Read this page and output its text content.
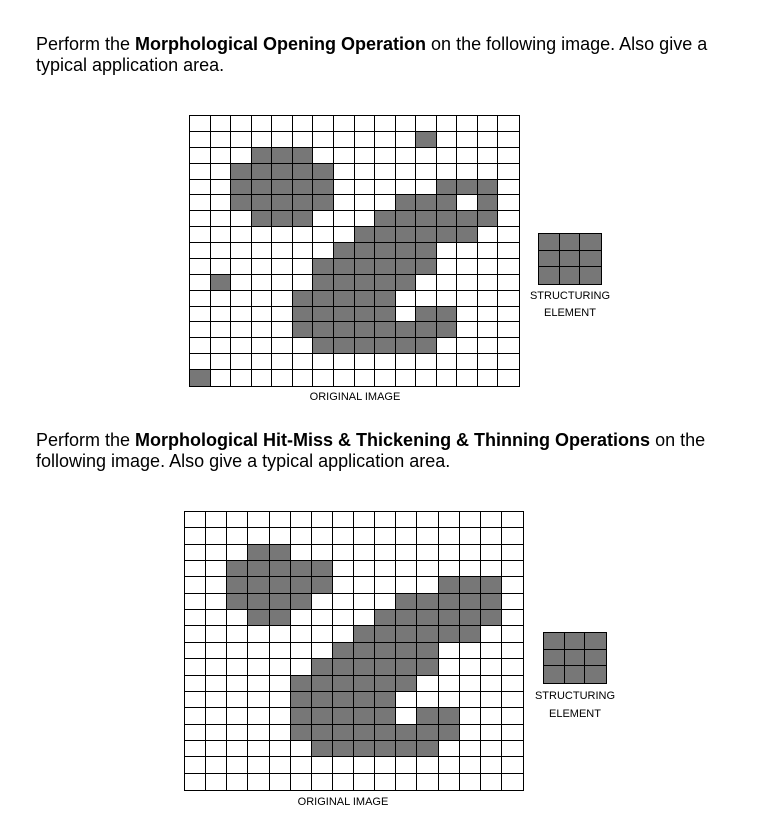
Perform the Morphological Opening Operation on the following image. Also give a typical application area.

ORIGINAL IMAGE
STRUCTURING
ELEMENT

Perform the Morphological Hit-Miss & Thickening & Thinning Operations on the following image. Also give a typical application area.

ORIGINAL IMAGE
STRUCTURING
ELEMENT
